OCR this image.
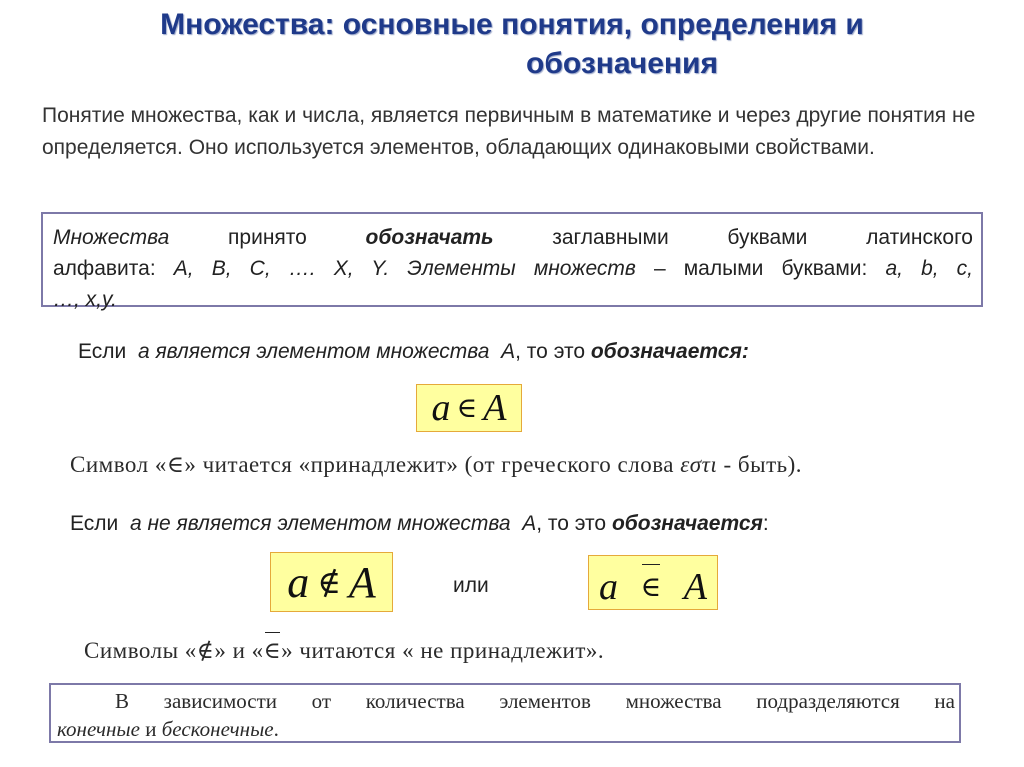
Множества: основные понятия, определения и
обозначения
Понятие множества, как и числа, является первичным в математике и через другие понятия не определяется. Оно используется элементов, обладающих одинаковыми свойствами.
Множества	принято	обозначать	заглавными	буквами	латинского
алфавита: A, B, C, …. X, Y. Элементы множеств – малыми буквами: a, b, c,
…, x,y.
Если a является элементом множества A, то это обозначается:
a ∈ A
Символ «∈» читается «принадлежит» (от греческого слова εστι - быть).
Если a не является элементом множества A, то это обозначается:
a ∉ A	или	a ∈ A
Символы «∉» и «∈» читаются « не принадлежит».
В зависимости от количества элементов множества подразделяются на
конечные и бесконечные.
